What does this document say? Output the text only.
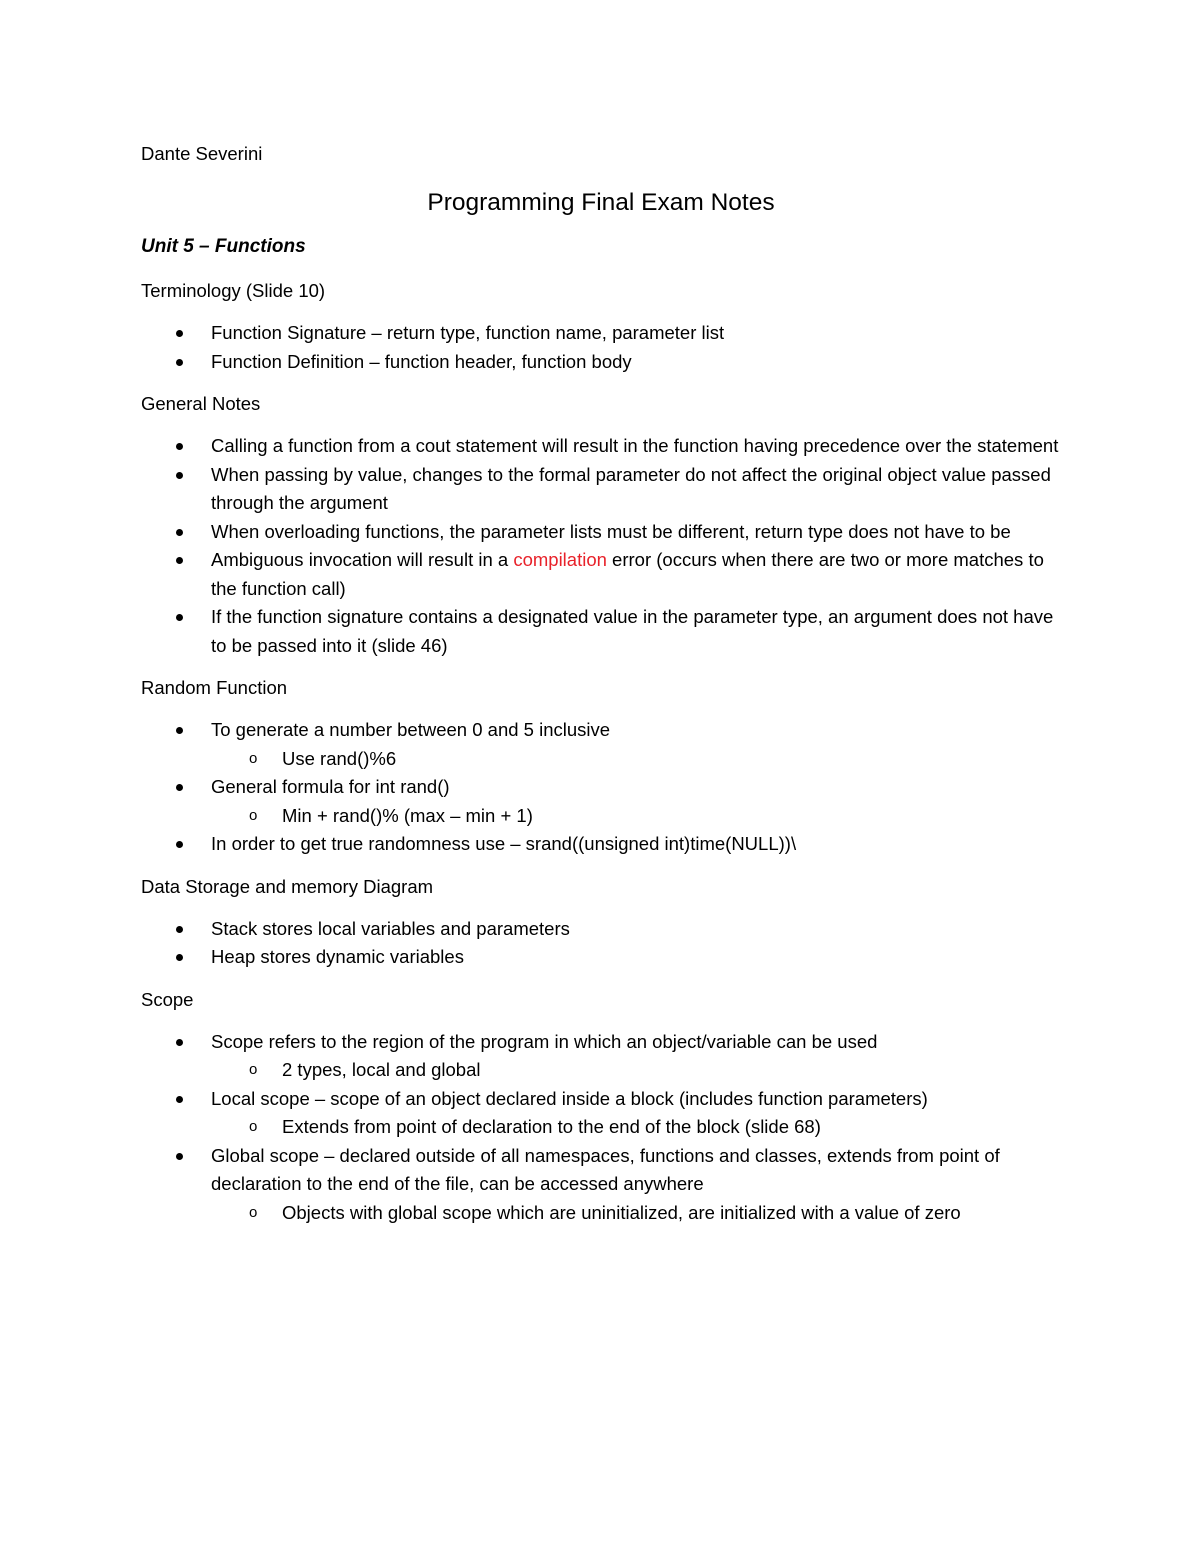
Dante Severini

Programming Final Exam Notes
Unit 5 – Functions
Terminology (Slide 10)
Function Signature – return type, function name, parameter list
Function Definition – function header, function body
General Notes
Calling a function from a cout statement will result in the function having precedence over the statement
When passing by value, changes to the formal parameter do not affect the original object value passed through the argument
When overloading functions, the parameter lists must be different, return type does not have to be
Ambiguous invocation will result in a compilation error (occurs when there are two or more matches to the function call)
If the function signature contains a designated value in the parameter type, an argument does not have to be passed into it (slide 46)
Random Function
To generate a number between 0 and 5 inclusive
o Use rand()%6
General formula for int rand()
o Min + rand()% (max – min + 1)
In order to get true randomness use – srand((unsigned int)time(NULL))\
Data Storage and memory Diagram
Stack stores local variables and parameters
Heap stores dynamic variables
Scope
Scope refers to the region of the program in which an object/variable can be used
o 2 types, local and global
Local scope – scope of an object declared inside a block (includes function parameters)
o Extends from point of declaration to the end of the block (slide 68)
Global scope – declared outside of all namespaces, functions and classes, extends from point of declaration to the end of the file, can be accessed anywhere
o Objects with global scope which are uninitialized, are initialized with a value of zero
